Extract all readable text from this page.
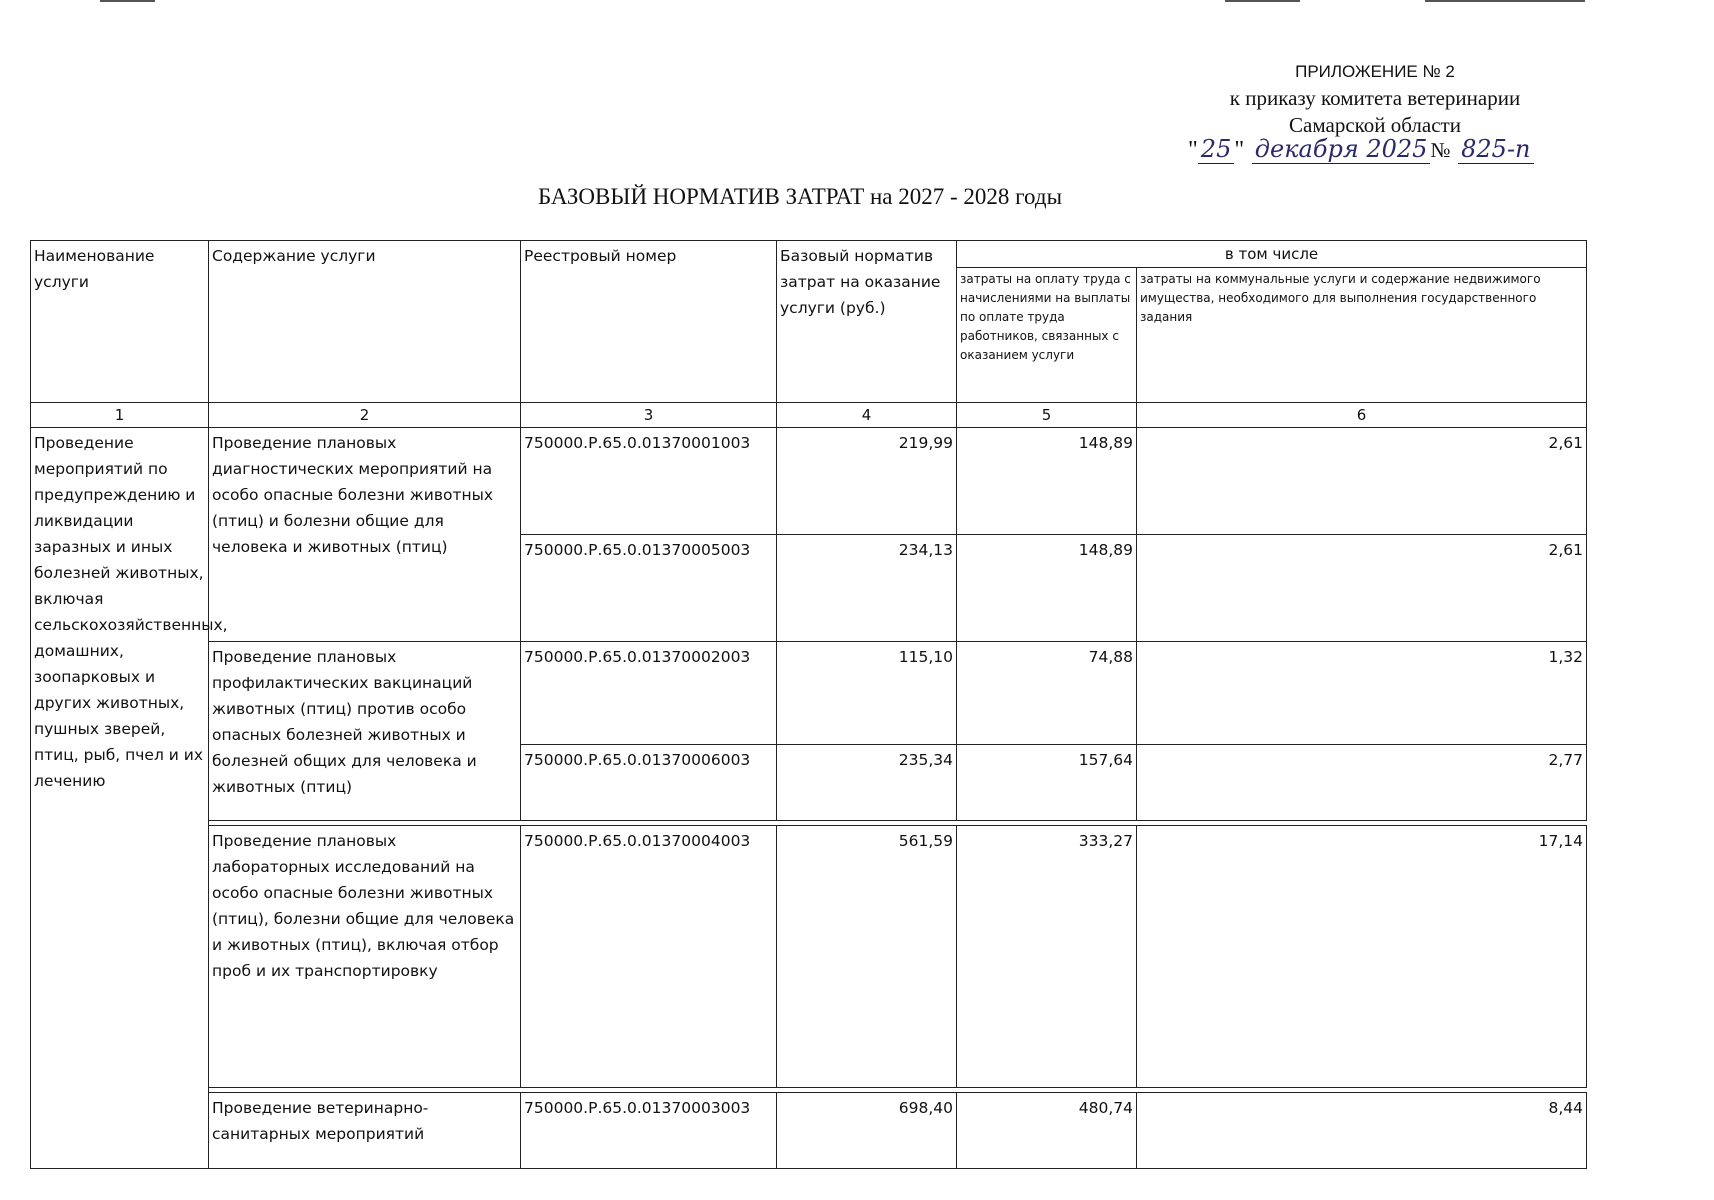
ПРИЛОЖЕНИЕ № 2
к приказу комитета ветеринарии
Самарской области
" 25 " декабря 2025 № 825-п
БАЗОВЫЙ НОРМАТИВ ЗАТРАТ на 2027 - 2028 годы
Наименование услуги	Содержание услуги	Реестровый номер	Базовый норматив затрат на оказание услуги (руб.)	в том числе	
				затраты на оплату труда с начислениями на выплаты по оплате труда работников, связанных с оказанием услуги	затраты на коммунальные услуги и содержание недвижимого имущества, необходимого для выполнения государственного задания
1	2	3	4	5	6
Проведение мероприятий по предупреждению и ликвидации заразных и иных болезней животных, включая сельскохозяйственных, домашних, зоопарковых и других животных, пушных зверей, птиц, рыб, пчел и их лечению	Проведение плановых диагностических мероприятий на особо опасные болезни животных (птиц) и болезни общие для человека и животных (птиц)	750000.Р.65.0.01370001003	219,99	148,89	2,61
		750000.Р.65.0.01370005003	234,13	148,89	2,61
	Проведение плановых профилактических вакцинаций животных (птиц) против особо опасных болезней животных и болезней общих для человека и животных (птиц)	750000.Р.65.0.01370002003	115,10	74,88	1,32
		750000.Р.65.0.01370006003	235,34	157,64	2,77

	Проведение плановых лабораторных исследований на особо опасные болезни животных (птиц), болезни общие для человека и животных (птиц), включая отбор проб и их транспортировку	750000.Р.65.0.01370004003	561,59	333,27	17,14

	Проведение ветеринарно-санитарных мероприятий	750000.Р.65.0.01370003003	698,40	480,74	8,44
